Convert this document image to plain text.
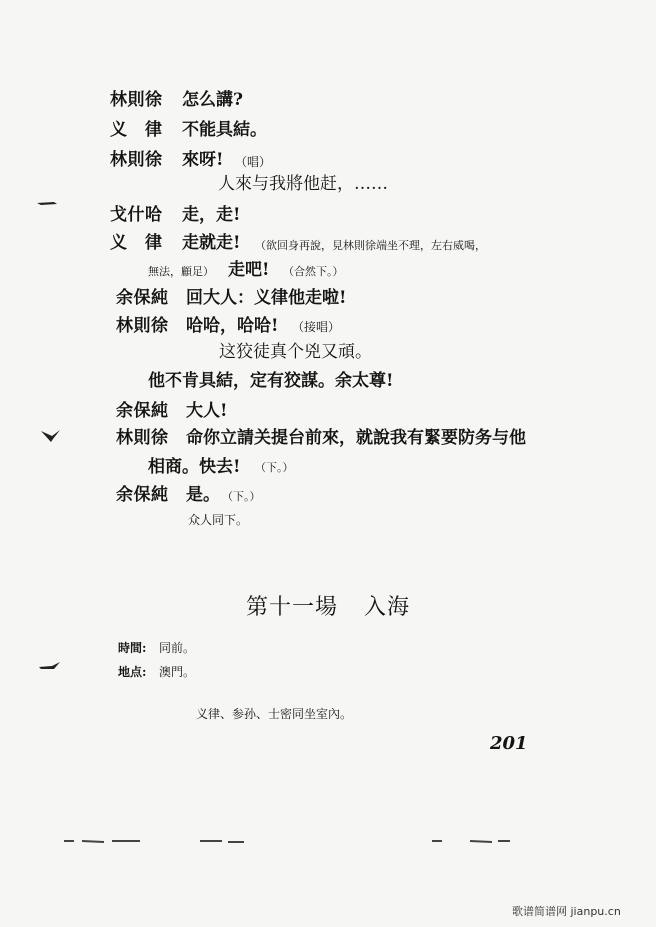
林則徐 怎么講?
义　律 不能具結。
林則徐 來呀! （唱）
人來与我將他赶，……
戈什哈 走，走!
义　律 走就走! （欲回身再說，見林則徐端坐不理，左右威喝，
無法，顧足） 走吧! （合然下。）
余保純 回大人：义律他走啦!
林則徐 哈哈，哈哈! （接唱）
这狡徒真个兇又頑。
他不肯具結，定有狡謀。余太尊!
余保純 大人!
林則徐 命你立請关提台前來，就說我有緊要防务与他
相商。快去! （下。）
余保純 是。 （下。）
众人同下。
第十一場 入海
時間: 同前。
地点: 澳門。
义律、参孙、士密同坐室內。
201
歌谱简谱网 jianpu.cn
